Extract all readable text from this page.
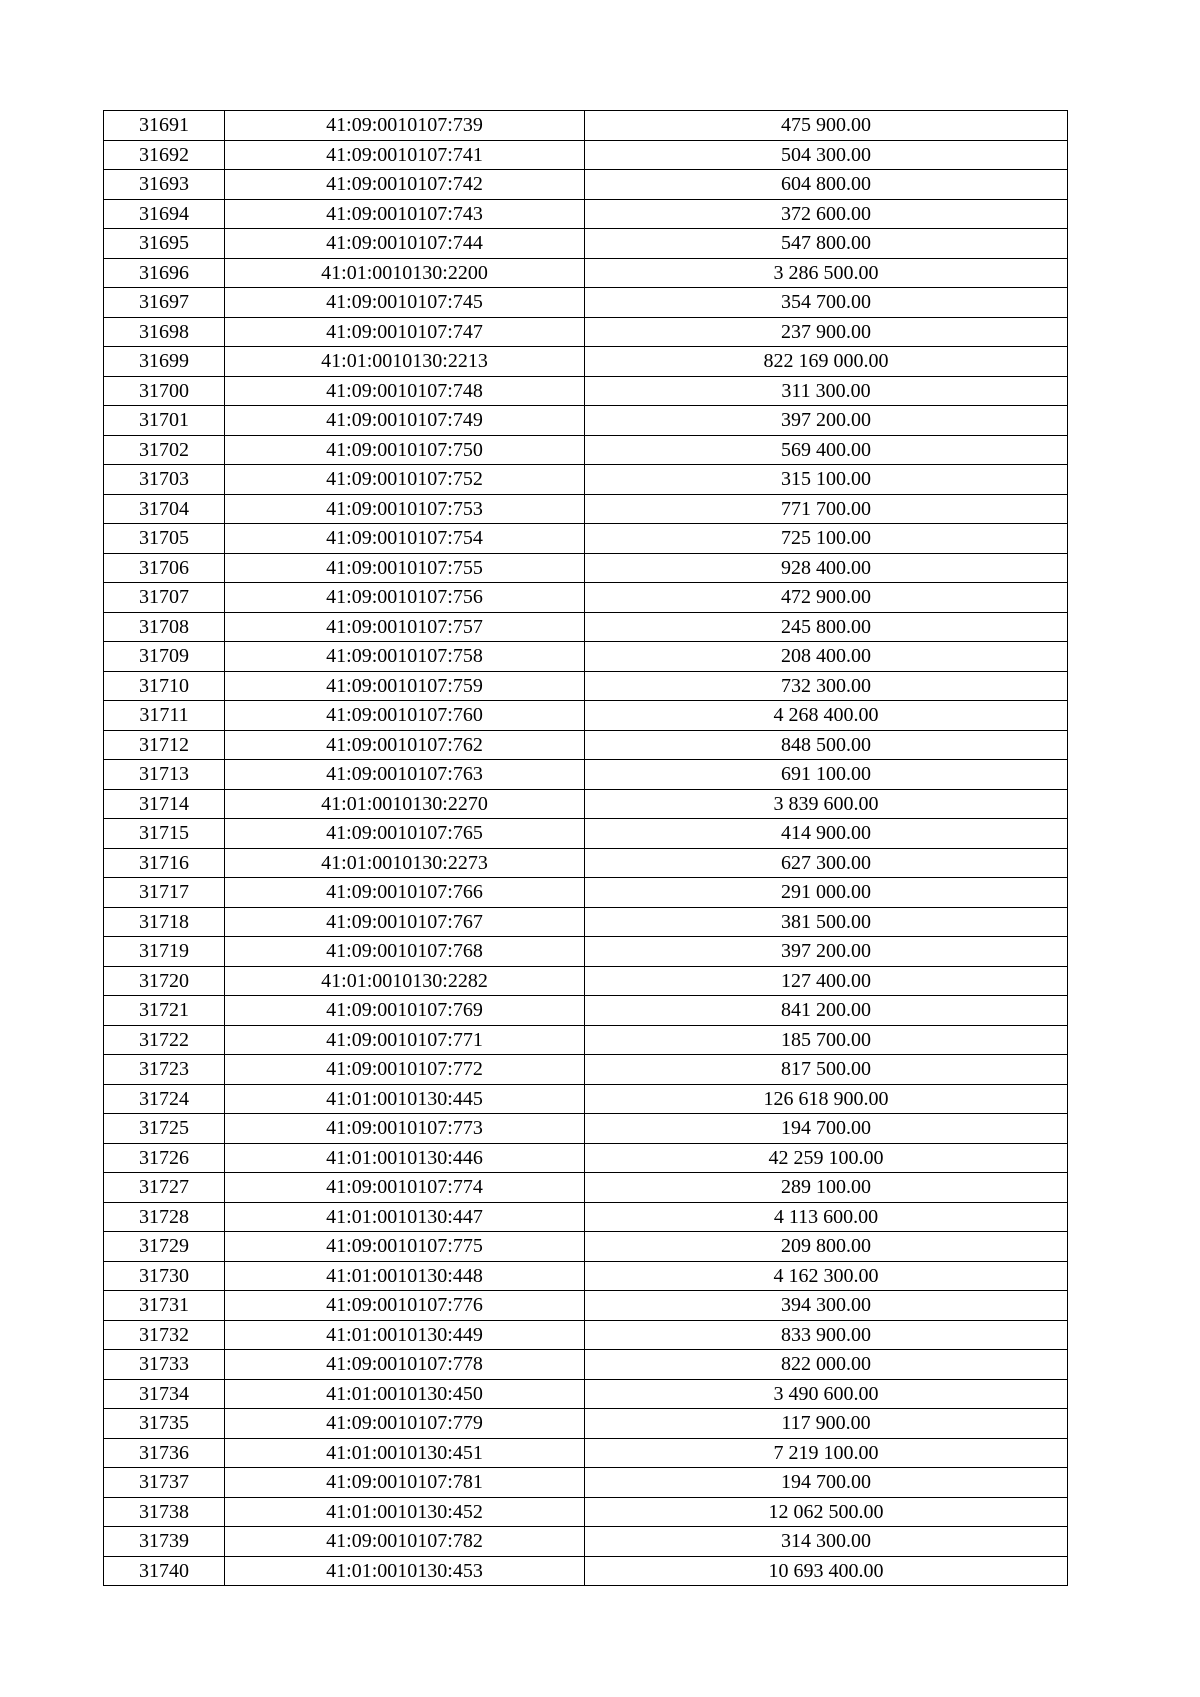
31691	41:09:0010107:739	475 900.00
31692	41:09:0010107:741	504 300.00
31693	41:09:0010107:742	604 800.00
31694	41:09:0010107:743	372 600.00
31695	41:09:0010107:744	547 800.00
31696	41:01:0010130:2200	3 286 500.00
31697	41:09:0010107:745	354 700.00
31698	41:09:0010107:747	237 900.00
31699	41:01:0010130:2213	822 169 000.00
31700	41:09:0010107:748	311 300.00
31701	41:09:0010107:749	397 200.00
31702	41:09:0010107:750	569 400.00
31703	41:09:0010107:752	315 100.00
31704	41:09:0010107:753	771 700.00
31705	41:09:0010107:754	725 100.00
31706	41:09:0010107:755	928 400.00
31707	41:09:0010107:756	472 900.00
31708	41:09:0010107:757	245 800.00
31709	41:09:0010107:758	208 400.00
31710	41:09:0010107:759	732 300.00
31711	41:09:0010107:760	4 268 400.00
31712	41:09:0010107:762	848 500.00
31713	41:09:0010107:763	691 100.00
31714	41:01:0010130:2270	3 839 600.00
31715	41:09:0010107:765	414 900.00
31716	41:01:0010130:2273	627 300.00
31717	41:09:0010107:766	291 000.00
31718	41:09:0010107:767	381 500.00
31719	41:09:0010107:768	397 200.00
31720	41:01:0010130:2282	127 400.00
31721	41:09:0010107:769	841 200.00
31722	41:09:0010107:771	185 700.00
31723	41:09:0010107:772	817 500.00
31724	41:01:0010130:445	126 618 900.00
31725	41:09:0010107:773	194 700.00
31726	41:01:0010130:446	42 259 100.00
31727	41:09:0010107:774	289 100.00
31728	41:01:0010130:447	4 113 600.00
31729	41:09:0010107:775	209 800.00
31730	41:01:0010130:448	4 162 300.00
31731	41:09:0010107:776	394 300.00
31732	41:01:0010130:449	833 900.00
31733	41:09:0010107:778	822 000.00
31734	41:01:0010130:450	3 490 600.00
31735	41:09:0010107:779	117 900.00
31736	41:01:0010130:451	7 219 100.00
31737	41:09:0010107:781	194 700.00
31738	41:01:0010130:452	12 062 500.00
31739	41:09:0010107:782	314 300.00
31740	41:01:0010130:453	10 693 400.00
